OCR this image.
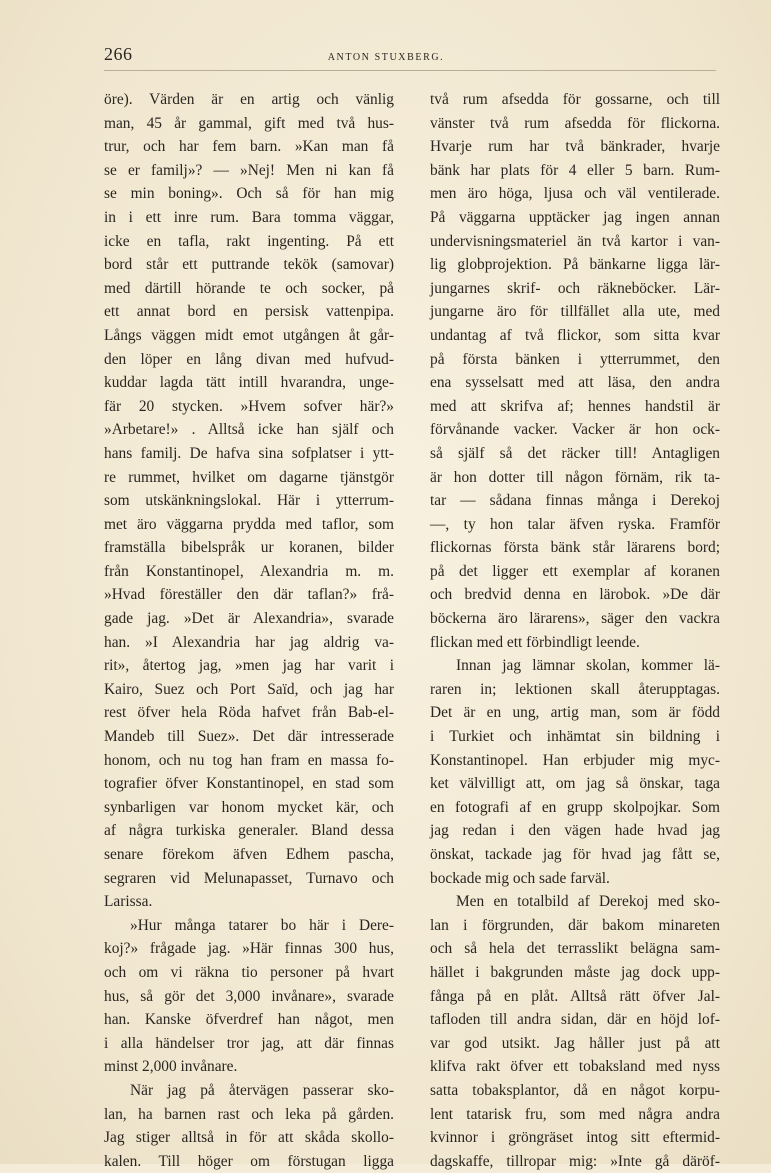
266	ANTON STUXBERG.
öre). Värden är en artig och vänlig
man, 45 år gammal, gift med två hus-
trur, och har fem barn. »Kan man få
se er familj»? — »Nej! Men ni kan få
se min boning». Och så för han mig
in i ett inre rum. Bara tomma väggar,
icke en tafla, rakt ingenting. På ett
bord står ett puttrande tekök (samovar)
med därtill hörande te och socker, på
ett annat bord en persisk vattenpipa.
Långs väggen midt emot utgången åt går-
den löper en lång divan med hufvud-
kuddar lagda tätt intill hvarandra, unge-
fär 20 stycken. »Hvem sofver här?»
»Arbetare!» . Alltså icke han själf och
hans familj. De hafva sina sofplatser i ytt-
re rummet, hvilket om dagarne tjänstgör
som utskänkningslokal. Här i ytterrum-
met äro väggarna prydda med taflor, som
framställa bibelspråk ur koranen, bilder
från Konstantinopel, Alexandria m. m.
»Hvad föreställer den där taflan?» frå-
gade jag. »Det är Alexandria», svarade
han. »I Alexandria har jag aldrig va-
rit», återtog jag, »men jag har varit i
Kairo, Suez och Port Saïd, och jag har
rest öfver hela Röda hafvet från Bab-el-
Mandeb till Suez». Det där intresserade
honom, och nu tog han fram en massa fo-
tografier öfver Konstantinopel, en stad som
synbarligen var honom mycket kär, och
af några turkiska generaler. Bland dessa
senare förekom äfven Edhem pascha,
segraren vid Melunapasset, Turnavo och
Larissa.
»Hur många tatarer bo här i Dere-
koj?» frågade jag. »Här finnas 300 hus,
och om vi räkna tio personer på hvart
hus, så gör det 3,000 invånare», svarade
han. Kanske öfverdref han något, men
i alla händelser tror jag, att där finnas
minst 2,000 invånare.
När jag på återvägen passerar sko-
lan, ha barnen rast och leka på gården.
Jag stiger alltså in för att skåda skollo-
kalen. Till höger om förstugan ligga
två rum afsedda för gossarne, och till
vänster två rum afsedda för flickorna.
Hvarje rum har två bänkrader, hvarje
bänk har plats för 4 eller 5 barn. Rum-
men äro höga, ljusa och väl ventilerade.
På väggarna upptäcker jag ingen annan
undervisningsmateriel än två kartor i van-
lig globprojektion. På bänkarne ligga lär-
jungarnes skrif- och räkneböcker. Lär-
jungarne äro för tillfället alla ute, med
undantag af två flickor, som sitta kvar
på första bänken i ytterrummet, den
ena sysselsatt med att läsa, den andra
med att skrifva af; hennes handstil är
förvånande vacker. Vacker är hon ock-
så själf så det räcker till! Antagligen
är hon dotter till någon förnäm, rik ta-
tar — sådana finnas många i Derekoj
—, ty hon talar äfven ryska. Framför
flickornas första bänk står lärarens bord;
på det ligger ett exemplar af koranen
och bredvid denna en lärobok. »De där
böckerna äro lärarens», säger den vackra
flickan med ett förbindligt leende.
Innan jag lämnar skolan, kommer lä-
raren in; lektionen skall återupptagas.
Det är en ung, artig man, som är född
i Turkiet och inhämtat sin bildning i
Konstantinopel. Han erbjuder mig myc-
ket välvilligt att, om jag så önskar, taga
en fotografi af en grupp skolpojkar. Som
jag redan i den vägen hade hvad jag
önskat, tackade jag för hvad jag fått se,
bockade mig och sade farväl.
Men en totalbild af Derekoj med sko-
lan i förgrunden, där bakom minareten
och så hela det terrasslikt belägna sam-
hället i bakgrunden måste jag dock upp-
fånga på en plåt. Alltså rätt öfver Jal-
tafloden till andra sidan, där en höjd lof-
var god utsikt. Jag håller just på att
klifva rakt öfver ett tobaksland med nyss
satta tobaksplantor, då en något korpu-
lent tatarisk fru, som med några andra
kvinnor i gröngräset intog sitt eftermid-
dagskaffe, tillropar mig: »Inte gå däröf-
